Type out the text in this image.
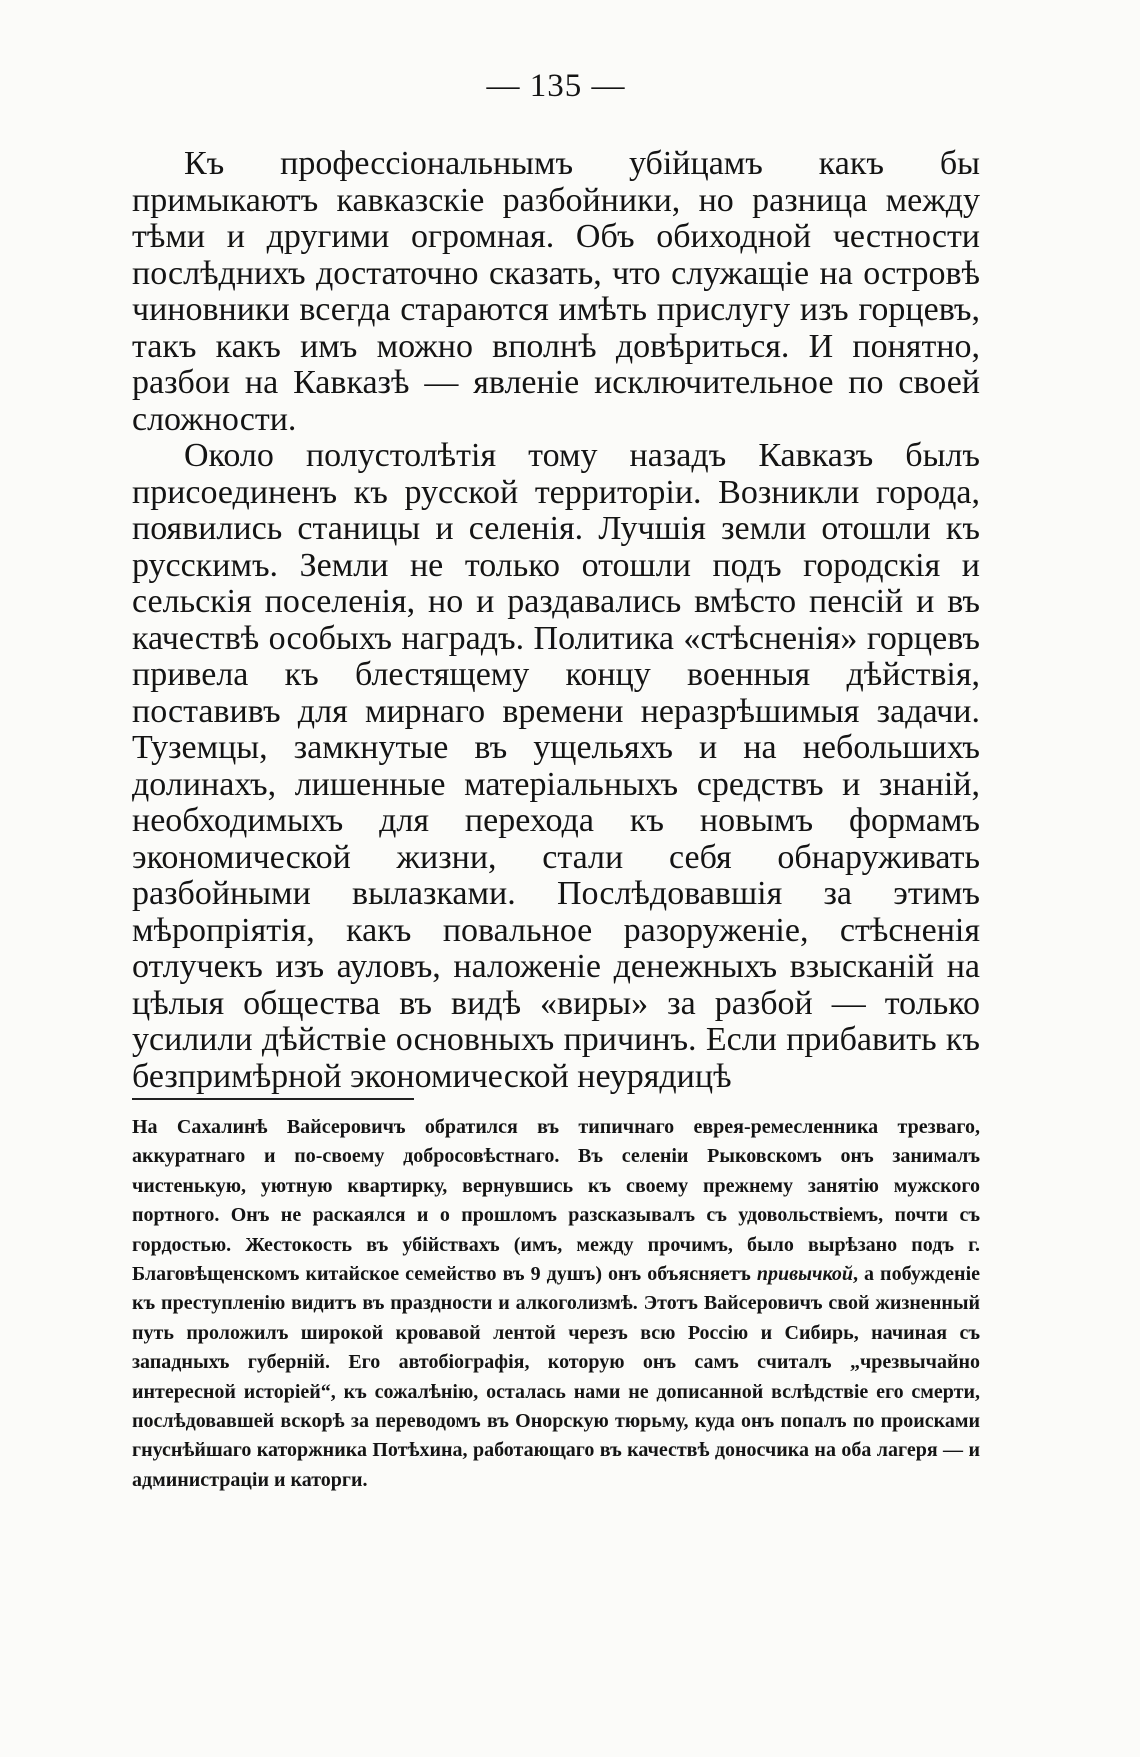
— 135 —

Къ профессіональнымъ убійцамъ какъ бы примыкаютъ кавказскіе разбойники, но разница между тѣми и другими огромная. Объ обиходной честности послѣднихъ достаточно сказать, что служащіе на островѣ чиновники всегда стараются имѣть прислугу изъ горцевъ, такъ какъ имъ можно вполнѣ довѣриться. И понятно, разбои на Кавказѣ — явленіе исключительное по своей сложности.

Около полустолѣтія тому назадъ Кавказъ былъ присоединенъ къ русской территоріи. Возникли города, появились станицы и селенія. Лучшія земли отошли къ русскимъ. Земли не только отошли подъ городскія и сельскія поселенія, но и раздавались вмѣсто пенсій и въ качествѣ особыхъ наградъ. Политика «стѣсненія» горцевъ привела къ блестящему концу военныя дѣйствія, поставивъ для мирнаго времени неразрѣшимыя задачи. Туземцы, замкнутые въ ущельяхъ и на небольшихъ долинахъ, лишенные матеріальныхъ средствъ и знаній, необходимыхъ для перехода къ новымъ формамъ экономической жизни, стали себя обнаруживать разбойными вылазками. Послѣдовавшія за этимъ мѣропріятія, какъ повальное разоруженіе, стѣсненія отлучекъ изъ ауловъ, наложеніе денежныхъ взысканій на цѣлыя общества въ видѣ «виры» за разбой — только усилили дѣйствіе основныхъ причинъ. Если прибавить къ безпримѣрной экономической неурядицѣ

На Сахалинѣ Вайсеровичъ обратился въ типичнаго еврея-ремесленника трезваго, аккуратнаго и по-своему добросовѣстнаго. Въ селеніи Рыковскомъ онъ занималъ чистенькую, уютную квартирку, вернувшись къ своему прежнему занятію мужского портного. Онъ не раскаялся и о прошломъ разсказывалъ съ удовольствіемъ, почти съ гордостью. Жестокость въ убійствахъ (имъ, между прочимъ, было вырѣзано подъ г. Благовѣщенскомъ китайское семейство въ 9 душъ) онъ объясняетъ привычкой, а побужденіе къ преступленію видитъ въ праздности и алкоголизмѣ. Этотъ Вайсеровичъ свой жизненный путь проложилъ широкой кровавой лентой черезъ всю Россію и Сибирь, начиная съ западныхъ губерній. Его автобіографія, которую онъ самъ считалъ „чрезвычайно интересной исторіей“, къ сожалѣнію, осталась нами не дописанной вслѣдствіе его смерти, послѣдовавшей вскорѣ за переводомъ въ Онорскую тюрьму, куда онъ попалъ по происками гнуснѣйшаго каторжника Потѣхина, работающаго въ качествѣ доносчика на оба лагеря — и администраціи и каторги.
